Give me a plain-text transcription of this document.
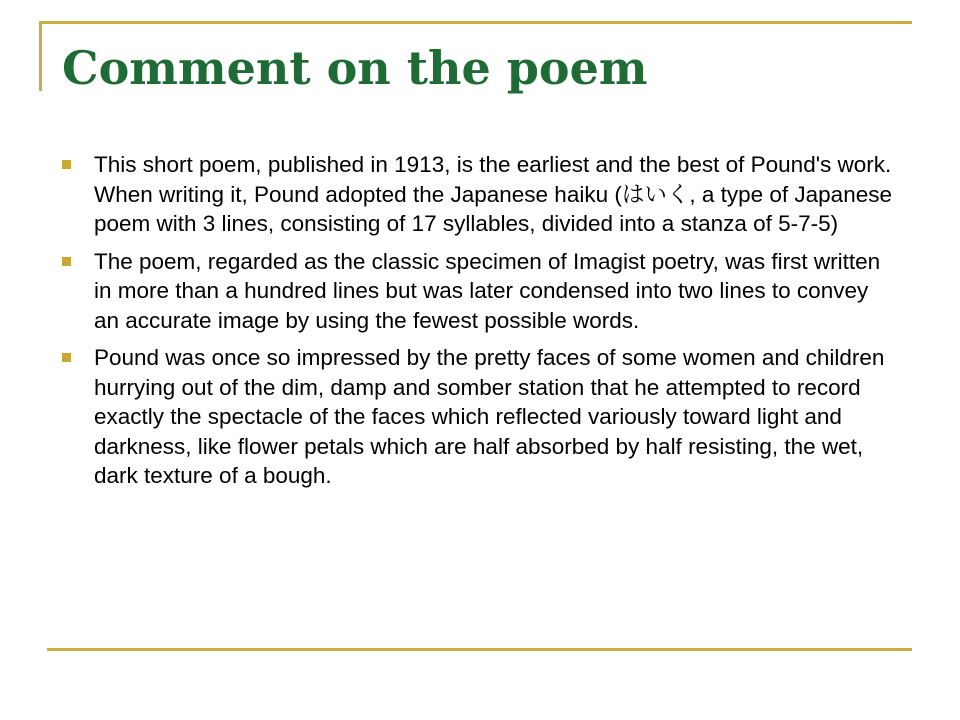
Comment on the poem
This short poem, published in 1913, is the earliest and the best of Pound's work. When writing it, Pound adopted the Japanese haiku (はいく, a type of Japanese poem with 3 lines, consisting of 17 syllables, divided into a stanza of 5-7-5)
The poem, regarded as the classic specimen of Imagist poetry, was first written in more than a hundred lines but was later condensed into two lines to convey an accurate image by using the fewest possible words.
Pound was once so impressed by the pretty faces of some women and children hurrying out of the dim, damp and somber station that he attempted to record exactly the spectacle of the faces which reflected variously toward light and darkness, like flower petals which are half absorbed by half resisting, the wet, dark texture of a bough.
